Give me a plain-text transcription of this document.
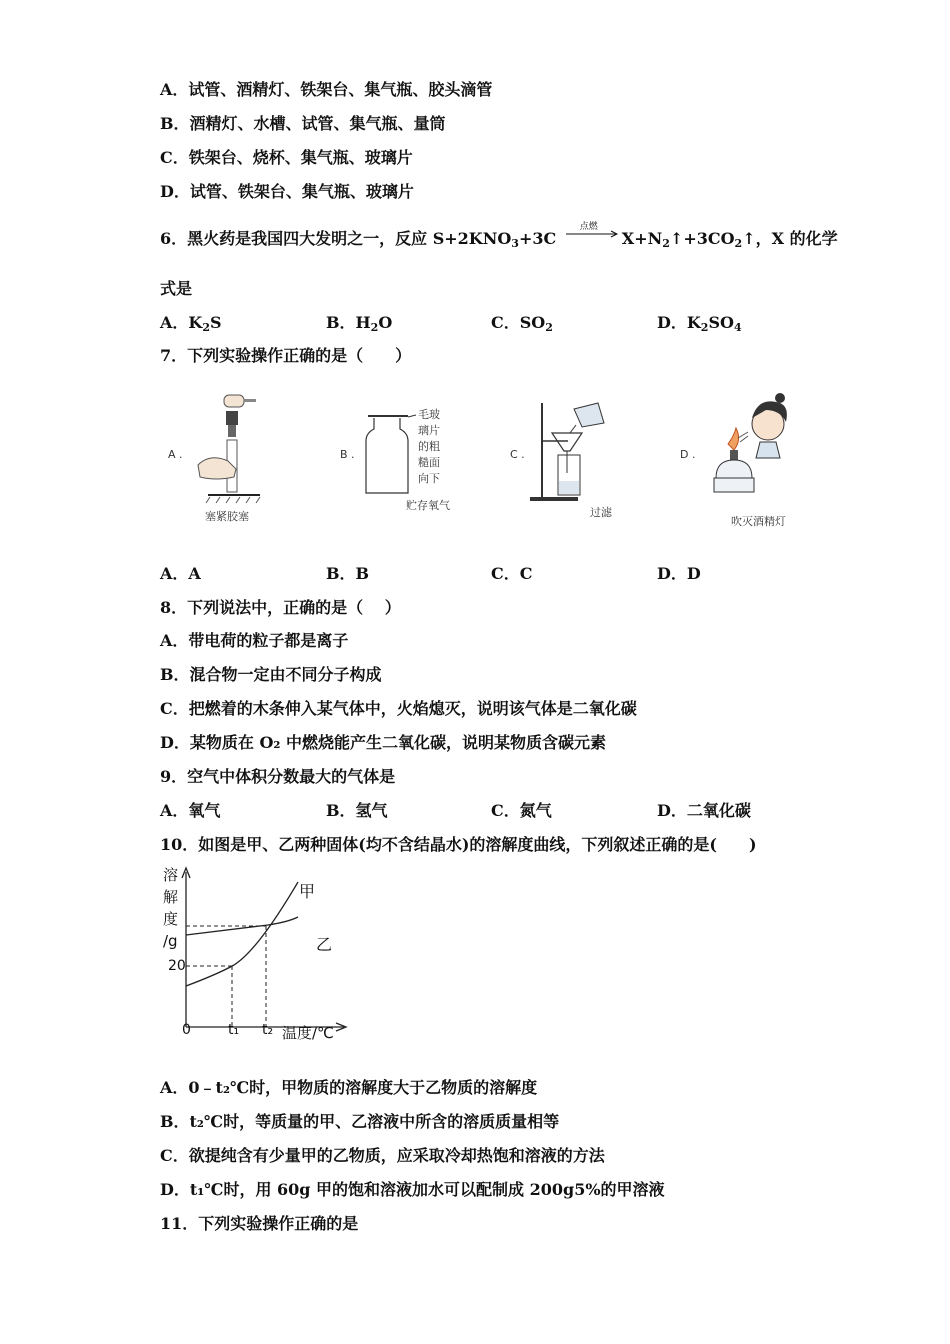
A．试管、酒精灯、铁架台、集气瓶、胶头滴管
B．酒精灯、水槽、试管、集气瓶、量筒
C．铁架台、烧杯、集气瓶、玻璃片
D．试管、铁架台、集气瓶、玻璃片
6．黑火药是我国四大发明之一，反应 $S+2KNO_3+3C$
点燃
$X+N_2↑+3CO_2↑$，X 的化学
式是
A．$K_2S$	B．$H_2O$	C．$SO_2$	D．$K_2SO_4$
7．下列实验操作正确的是（　　）
A .
塞紧胶塞
B .
毛玻
璃片
的粗
糙面
向下
贮存氧气
C .
过滤
D .
吹灭酒精灯
A．A	B．B	C．C	D．D
8．下列说法中，正确的是（　 ）
A．带电荷的粒子都是离子
B．混合物一定由不同分子构成
C．把燃着的木条伸入某气体中，火焰熄灭，说明该气体是二氧化碳
D．某物质在 O₂ 中燃烧能产生二氧化碳，说明某物质含碳元素
9．空气中体积分数最大的气体是
A．氧气	B．氢气	C．氮气	D．二氧化碳
10．如图是甲、乙两种固体(均不含结晶水)的溶解度曲线，下列叙述正确的是(　　)
溶
解
度
/g
20
0	t₁ t₂ 温度/℃
甲
乙
A．0﹣t₂℃时，甲物质的溶解度大于乙物质的溶解度
B．t₂℃时，等质量的甲、乙溶液中所含的溶质质量相等
C．欲提纯含有少量甲的乙物质，应采取冷却热饱和溶液的方法
D．t₁℃时，用 60g 甲的饱和溶液加水可以配制成 200g5%的甲溶液
11．下列实验操作正确的是
